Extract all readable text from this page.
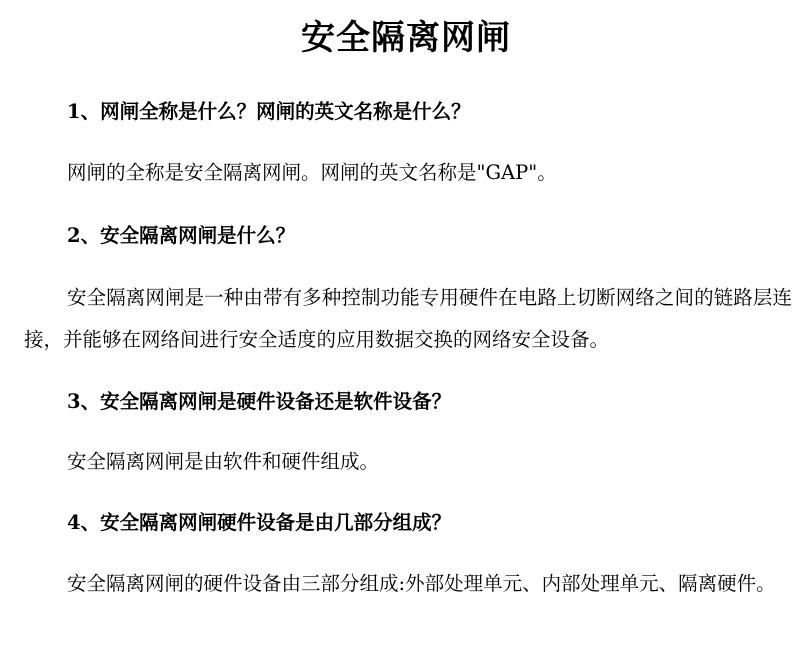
安全隔离网闸

1、网闸全称是什么？网闸的英文名称是什么？

网闸的全称是安全隔离网闸。网闸的英文名称是"GAP"。

2、安全隔离网闸是什么？

安全隔离网闸是一种由带有多种控制功能专用硬件在电路上切断网络之间的链路层连接，并能够在网络间进行安全适度的应用数据交换的网络安全设备。

3、安全隔离网闸是硬件设备还是软件设备？

安全隔离网闸是由软件和硬件组成。

4、安全隔离网闸硬件设备是由几部分组成？

安全隔离网闸的硬件设备由三部分组成:外部处理单元、内部处理单元、隔离硬件。
